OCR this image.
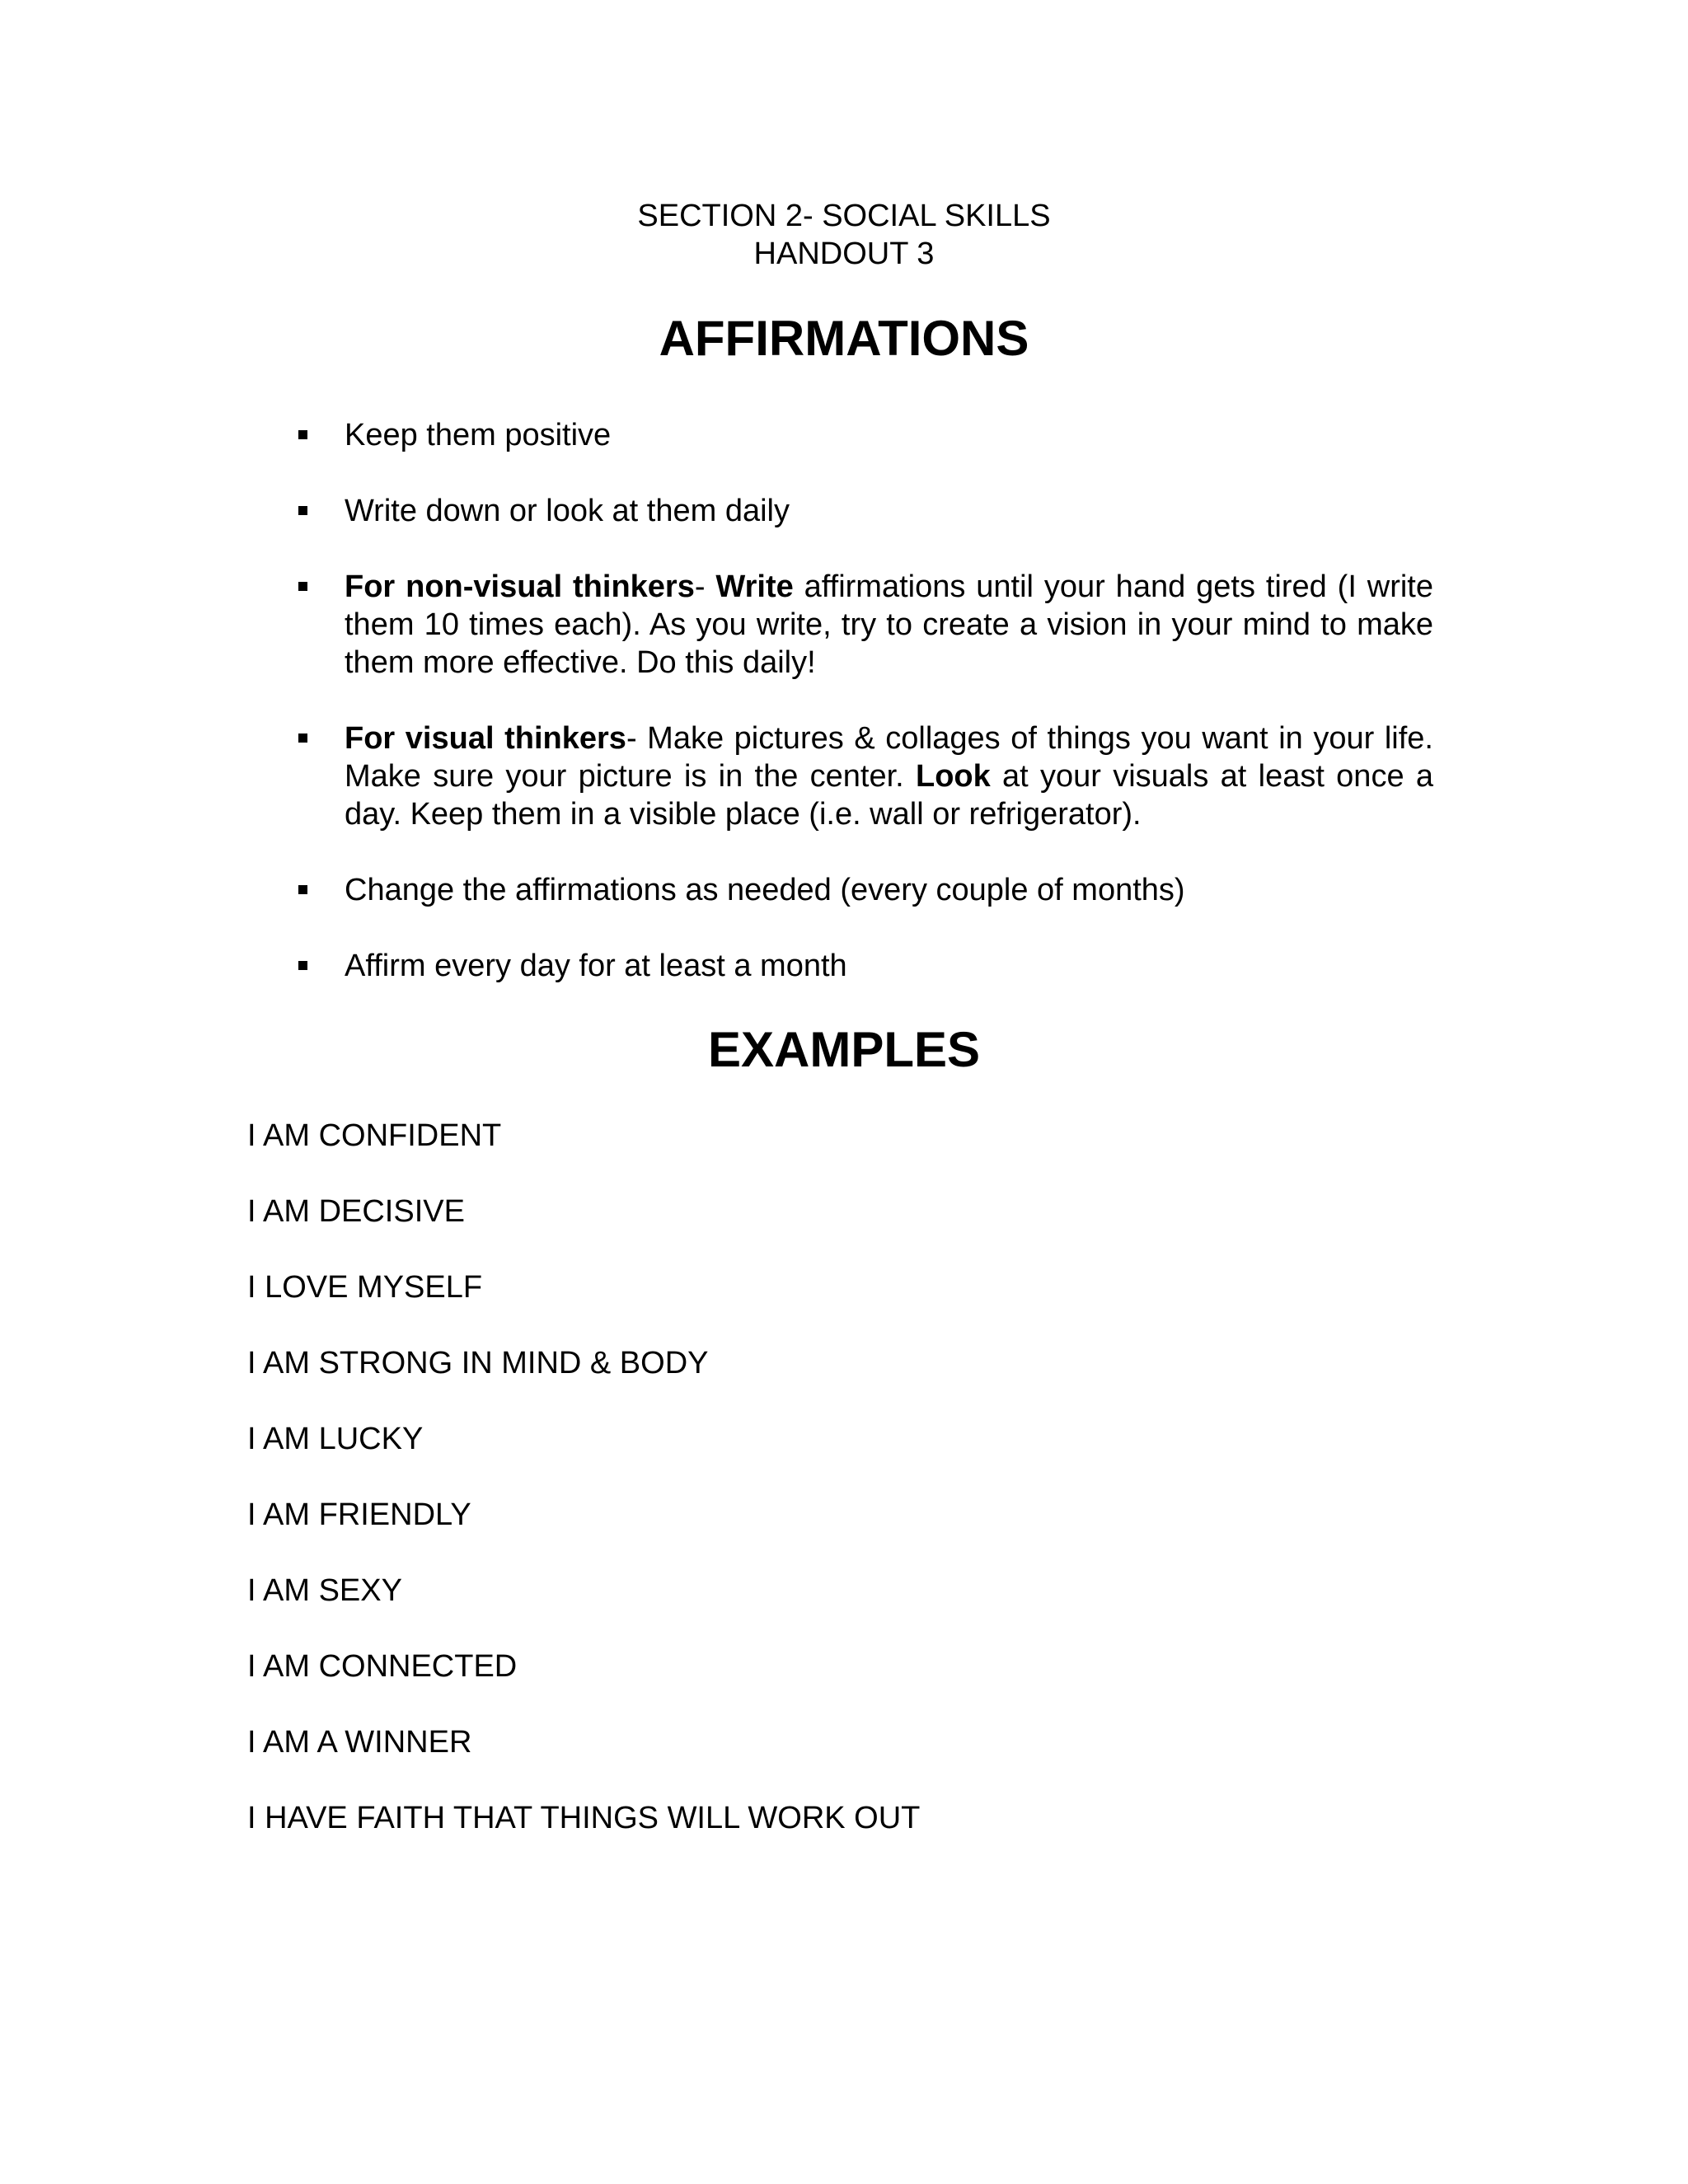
SECTION 2- SOCIAL SKILLS
HANDOUT 3
AFFIRMATIONS
Keep them positive
Write down or look at them daily
For non-visual thinkers- Write affirmations until your hand gets tired (I write them 10 times each). As you write, try to create a vision in your mind to make them more effective. Do this daily!
For visual thinkers- Make pictures & collages of things you want in your life. Make sure your picture is in the center. Look at your visuals at least once a day. Keep them in a visible place (i.e. wall or refrigerator).
Change the affirmations as needed (every couple of months)
Affirm every day for at least a month
EXAMPLES
I AM CONFIDENT
I AM DECISIVE
I LOVE MYSELF
I AM STRONG IN MIND & BODY
I AM LUCKY
I AM FRIENDLY
I AM SEXY
I AM CONNECTED
I AM A WINNER
I HAVE FAITH THAT THINGS WILL WORK OUT
